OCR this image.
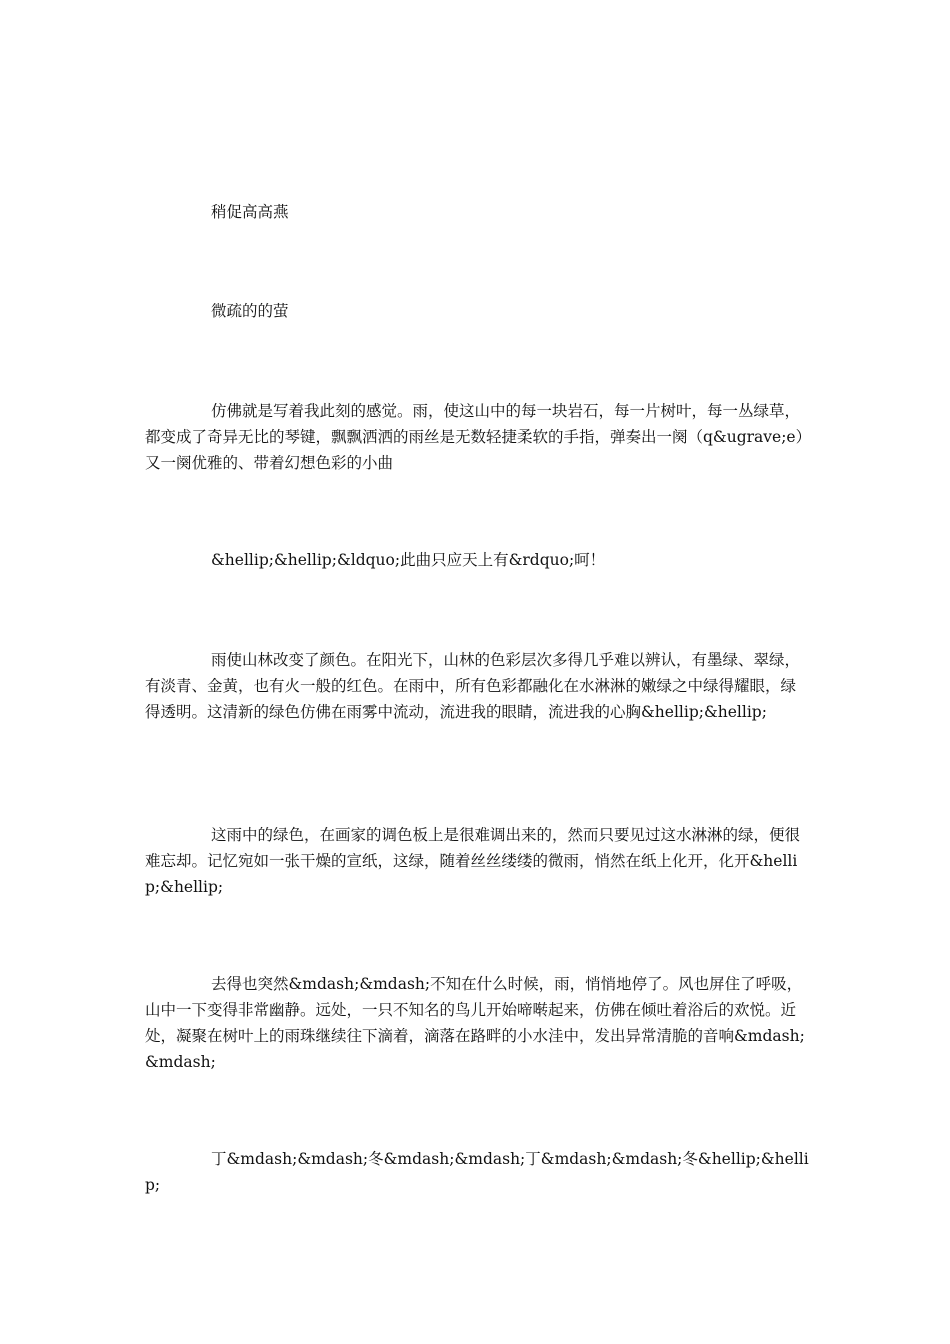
稍促高高燕

微疏的的萤

仿佛就是写着我此刻的感觉。雨，使这山中的每一块岩石，每一片树叶，每一丛绿草，都变成了奇异无比的琴键，飘飘洒洒的雨丝是无数轻捷柔软的手指，弹奏出一阕（q&ugrave;e）又一阕优雅的、带着幻想色彩的小曲

&hellip;&hellip;&ldquo;此曲只应天上有&rdquo;呵！

雨使山林改变了颜色。在阳光下，山林的色彩层次多得几乎难以辨认，有墨绿、翠绿，有淡青、金黄，也有火一般的红色。在雨中，所有色彩都融化在水淋淋的嫩绿之中绿得耀眼，绿得透明。这清新的绿色仿佛在雨雾中流动，流进我的眼睛，流进我的心胸&hellip;&hellip;

这雨中的绿色，在画家的调色板上是很难调出来的，然而只要见过这水淋淋的绿，便很难忘却。记忆宛如一张干燥的宣纸，这绿，随着丝丝缕缕的微雨，悄然在纸上化开，化开&hellip;&hellip;

去得也突然&mdash;&mdash;不知在什么时候，雨，悄悄地停了。风也屏住了呼吸，山中一下变得非常幽静。远处，一只不知名的鸟儿开始啼啭起来，仿佛在倾吐着浴后的欢悦。近处，凝聚在树叶上的雨珠继续往下滴着，滴落在路畔的小水洼中，发出异常清脆的音响&mdash;&mdash;

丁&mdash;&mdash;冬&mdash;&mdash;丁&mdash;&mdash;冬&hellip;&hellip;
